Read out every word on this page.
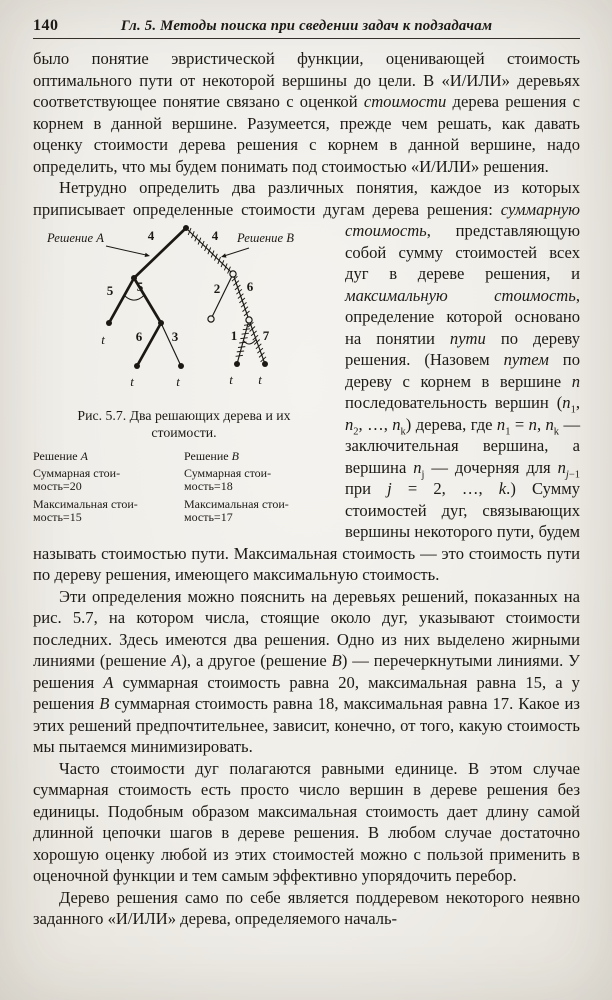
140	Гл. 5. Методы поиска при сведении задач к подзадачам

было понятие эвристической функции, оценивающей стоимость оптимального пути от некоторой вершины до цели. В «И/ИЛИ» деревьях соответствующее понятие связано с оценкой стоимости дерева решения с корнем в данной вершине. Разумеется, прежде чем решать, как давать оценку стоимости дерева решения с корнем в данной вершине, надо определить, что мы будем понимать под стоимостью «И/ИЛИ» решения.

Нетрудно определить два различных понятия, каждое из которых приписывает определенные стоимости дугам дерева решения:
4	4
5 5
6 3
2 6
1 7
t
t	t	t t
Решение A	Решение B
Рис. 5.7. Два решающих дерева и их
стоимости.
Решение A
Суммарная стои-
мость=20
Максимальная стои-
мость=15
Решение B
Суммарная стои-
мость=18
Максимальная стои-
мость=17
суммарную стоимость, представляющую собой сумму стоимостей всех дуг в дереве решения, и максимальную стоимость, определение которой основано на понятии пути по дереву решения. (Назовем путем по дереву с корнем в вершине n последовательность вершин ($n_1$, $n_2$, …, $n_k$) дерева, где $n_1 = n$, $n_k$ — заключительная вершина, а вершина $n_j$ — дочерняя для $n_{j-1}$ при j = 2, …, k.) Сумму стоимостей дуг, связывающих вершины некоторого пути, будем называть стоимостью пути. Максимальная стоимость — это стоимость пути по дереву решения, имеющего максимальную стоимость.

Эти определения можно пояснить на деревьях решений, показанных на рис. 5.7, на котором числа, стоящие около дуг, указывают стоимости последних. Здесь имеются два решения. Одно из них выделено жирными линиями (решение A), а другое (решение B) — перечеркнутыми линиями. У решения A суммарная стоимость равна 20, максимальная равна 15, а у решения B суммарная стоимость равна 18, максимальная равна 17. Какое из этих решений предпочтительнее, зависит, конечно, от того, какую стоимость мы пытаемся минимизировать.

Часто стоимости дуг полагаются равными единице. В этом случае суммарная стоимость есть просто число вершин в дереве решения без единицы. Подобным образом максимальная стоимость дает длину самой длинной цепочки шагов в дереве решения. В любом случае достаточно хорошую оценку любой из этих стоимостей можно с пользой применить в оценочной функции и тем самым эффективно упорядочить перебор.

Дерево решения само по себе является поддеревом некоторого неявно заданного «И/ИЛИ» дерева, определяемого началь-
